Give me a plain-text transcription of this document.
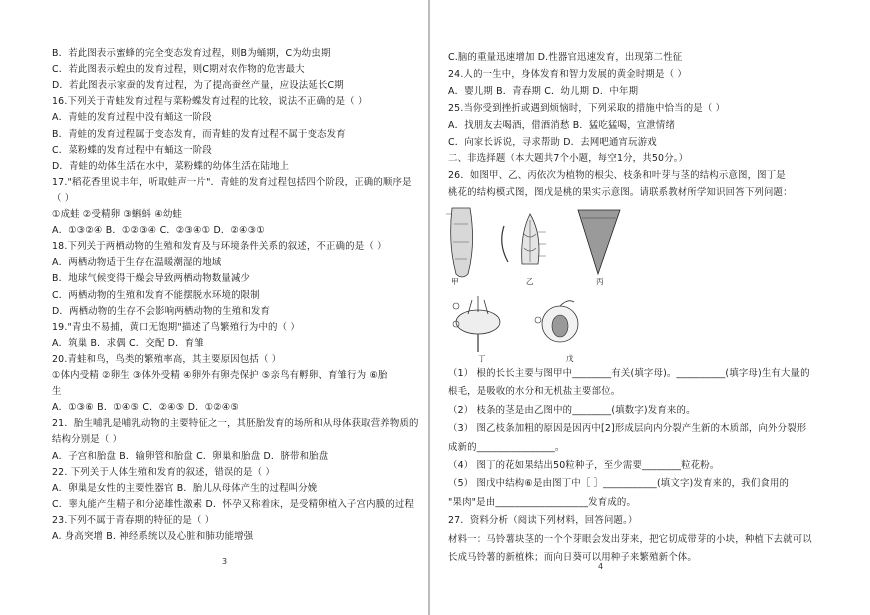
B．若此图表示蜜蜂的完全变态发育过程，则B为蛹期，C为幼虫期
C．若此图表示蝗虫的发育过程，则C期对农作物的危害最大
D．若此图表示家蚕的发育过程，为了提高蚕丝产量，应设法延长C期
16.下列关于青蛙发育过程与菜粉蝶发育过程的比较，说法不正确的是（ ）
A．青蛙的发育过程中没有蛹这一阶段
B．青蛙的发育过程属于变态发育，而青蛙的发育过程不属于变态发育
C．菜粉蝶的发育过程中有蛹这一阶段
D．青蛙的幼体生活在水中，菜粉蝶的幼体生活在陆地上
17."稻花香里说丰年，听取蛙声一片"．青蛙的发育过程包括四个阶段，正确的顺序是
（ ）
①成蛙 ②受精卵 ③蝌蚪 ④幼蛙
A．①③②④ B．①②③④ C．②③④① D．②④③①
18.下列关于两栖动物的生殖和发育及与环境条件关系的叙述，不正确的是（ ）
A．两栖动物适于生存在温暖潮湿的地域
B．地球气候变得干燥会导致两栖动物数量减少
C．两栖动物的生殖和发育不能摆脱水环境的限制
D．两栖动物的生存不会影响两栖动物的生殖和发育
19."青虫不易捕，黄口无饱期"描述了鸟繁殖行为中的（ ）
A．筑巢 B．求偶 C．交配 D．育雏
20.青蛙和鸟，鸟类的繁殖率高，其主要原因包括（ ）
①体内受精 ②卵生 ③体外受精 ④卵外有卵壳保护 ⑤亲鸟有孵卵、育雏行为 ⑥胎
生
A．①③⑥ B．①④⑤ C．②④⑤ D．①②④⑤
21．胎生哺乳是哺乳动物的主要特征之一，其胚胎发育的场所和从母体获取营养物质的
结构分别是（ ）
A．子宫和胎盘 B．输卵管和胎盘 C．卵巢和胎盘 D．脐带和胎盘
22. 下列关于人体生殖和发育的叙述，错误的是（ ）
A．卵巢是女性的主要性器官 B．胎儿从母体产生的过程叫分娩
C．睾丸能产生精子和分泌雄性激素 D．怀孕又称着床，是受精卵植入子宫内膜的过程
23.下列不属于青春期的特征的是（ ）
A. 身高突增 B. 神经系统以及心脏和肺功能增强
C.脑的重量迅速增加 D.性器官迅速发育，出现第二性征
24.人的一生中，身体发育和智力发展的黄金时期是（ ）
A．婴儿期 B．青春期 C．幼儿期 D．中年期
25.当你受到挫折或遇到烦恼时，下列采取的措施中恰当的是（ ）
A．找朋友去喝酒，借酒消愁 B．猛吃猛喝，宣泄情绪
C．向家长诉说，寻求帮助 D．去网吧通宵玩游戏
二、非选择题（本大题共7个小题，每空1分，共50分。）
26．如图甲、乙、丙依次为植物的根尖、枝条和叶芽与茎的结构示意图，图丁是
桃花的结构模式图，图戊是桃的果实示意图。请联系教材所学知识回答下列问题：
（1） 根的长长主要与图甲中________有关(填字母)。__________(填字母)生有大量的
根毛，是吸收的水分和无机盐主要部位。
（2） 枝条的茎是由乙图中的________(填数字)发育来的。
（3） 图乙枝条加粗的原因是因丙中[2]形成层向内分裂产生新的木质部，向外分裂形
成新的________________。
（4） 图丁的花如果结出50粒种子，至少需要________粒花粉。
（5） 图戊中结构⑥是由图丁中［ ］___________(填文字)发育来的，我们食用的
"果肉"是由___________________发育成的。
27．资料分析（阅读下列材料，回答问题。）
材料一：马铃薯块茎的一个个芽眼会发出芽来，把它切成带芽的小块，种植下去就可以
长成马铃薯的新植株；而向日葵可以用种子来繁殖新个体。
甲	乙	丙
丁	戊
3
4
